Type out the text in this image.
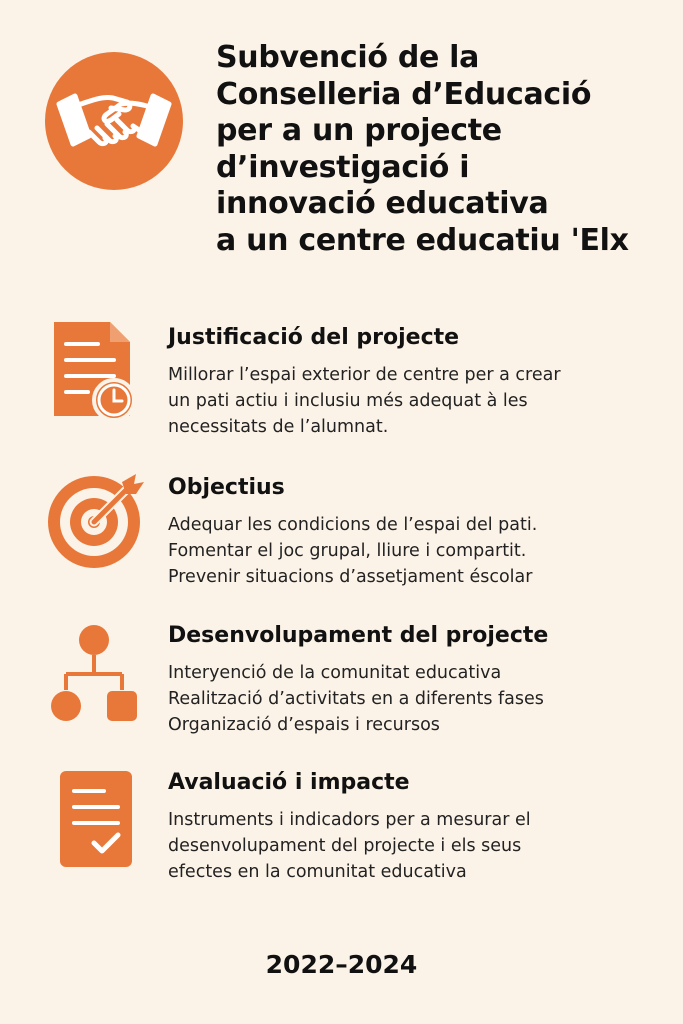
Subvenció de la
Conselleria d’Educació
per a un projecte
d’investigació i
innovació educativa
a un centre educatiu 'Elx
Justificació del projecte

Millorar l’espai exterior de centre per a crear
un pati actiu i inclusiu més adequat à les
necessitats de l’alumnat.

Objectius

Adequar les condicions de l’espai del pati.
Fomentar el joc grupal, lliure i compartit.
Prevenir situacions d’assetjament éscolar

Desenvolupament del projecte

Interyenció de la comunitat educativa
Realització d’activitats en a diferents fases
Organizació d’espais i recursos

Avaluació i impacte

Instruments i indicadors per a mesurar el
desenvolupament del projecte i els seus
efectes en la comunitat educativa

2022–2024
